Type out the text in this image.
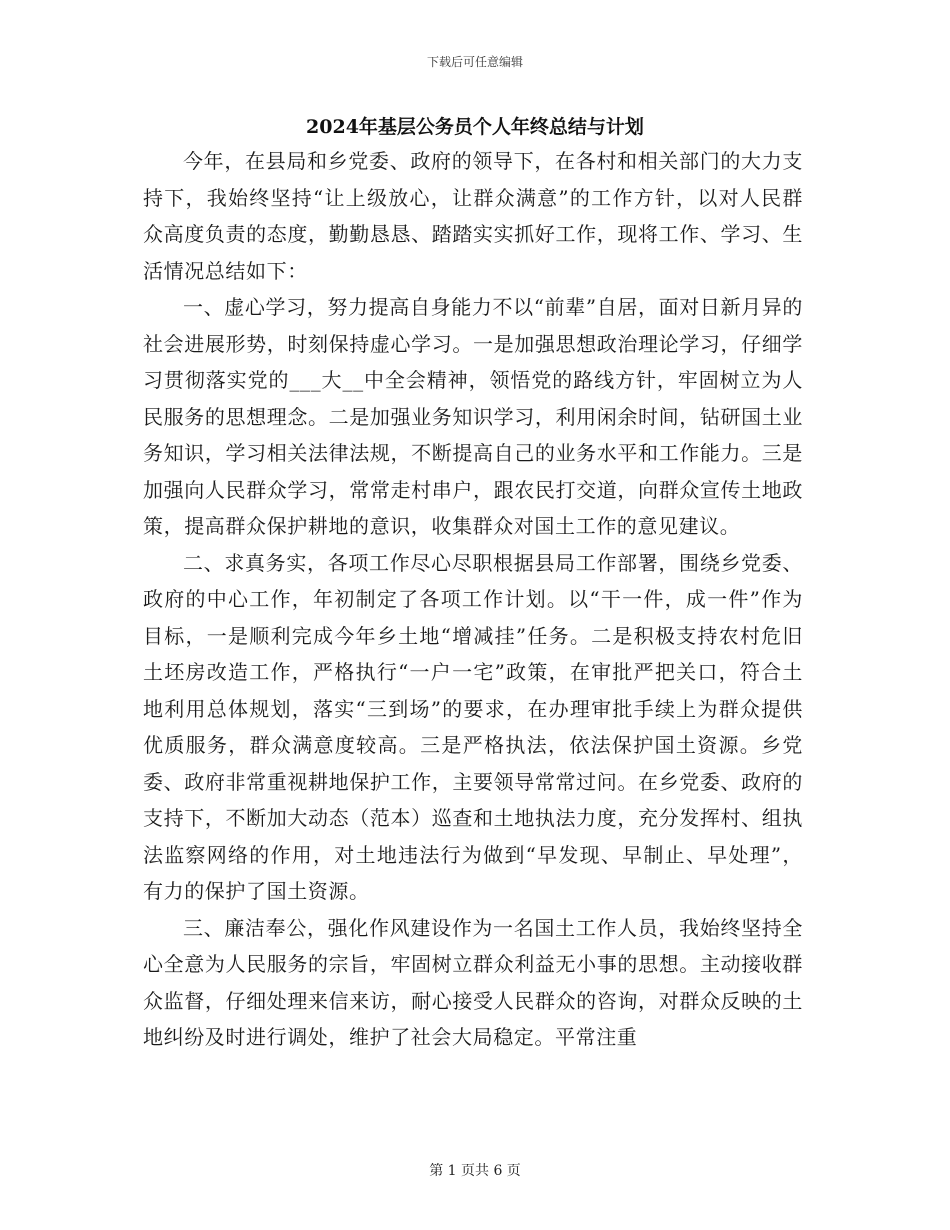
下载后可任意编辑
2024年基层公务员个人年终总结与计划

今年，在县局和乡党委、政府的领导下，在各村和相关部门的大力支持下，我始终坚持“让上级放心，让群众满意”的工作方针，以对人民群众高度负责的态度，勤勤恳恳、踏踏实实抓好工作，现将工作、学习、生活情况总结如下：

一、虚心学习，努力提高自身能力不以“前辈”自居，面对日新月异的社会进展形势，时刻保持虚心学习。一是加强思想政治理论学习，仔细学习贯彻落实党的___大__中全会精神，领悟党的路线方针，牢固树立为人民服务的思想理念。二是加强业务知识学习，利用闲余时间，钻研国土业务知识，学习相关法律法规，不断提高自己的业务水平和工作能力。三是加强向人民群众学习，常常走村串户，跟农民打交道，向群众宣传土地政策，提高群众保护耕地的意识，收集群众对国土工作的意见建议。

二、求真务实，各项工作尽心尽职根据县局工作部署，围绕乡党委、政府的中心工作，年初制定了各项工作计划。以“干一件，成一件”作为目标，一是顺利完成今年乡土地“增减挂”任务。二是积极支持农村危旧土坯房改造工作，严格执行“一户一宅”政策，在审批严把关口，符合土地利用总体规划，落实“三到场”的要求，在办理审批手续上为群众提供优质服务，群众满意度较高。三是严格执法，依法保护国土资源。乡党委、政府非常重视耕地保护工作，主要领导常常过问。在乡党委、政府的支持下，不断加大动态（范本）巡查和土地执法力度，充分发挥村、组执法监察网络的作用，对土地违法行为做到“早发现、早制止、早处理”，有力的保护了国土资源。

三、廉洁奉公，强化作风建设作为一名国土工作人员，我始终坚持全心全意为人民服务的宗旨，牢固树立群众利益无小事的思想。主动接收群众监督，仔细处理来信来访，耐心接受人民群众的咨询，对群众反映的土地纠纷及时进行调处，维护了社会大局稳定。平常注重

第 1 页共 6 页
